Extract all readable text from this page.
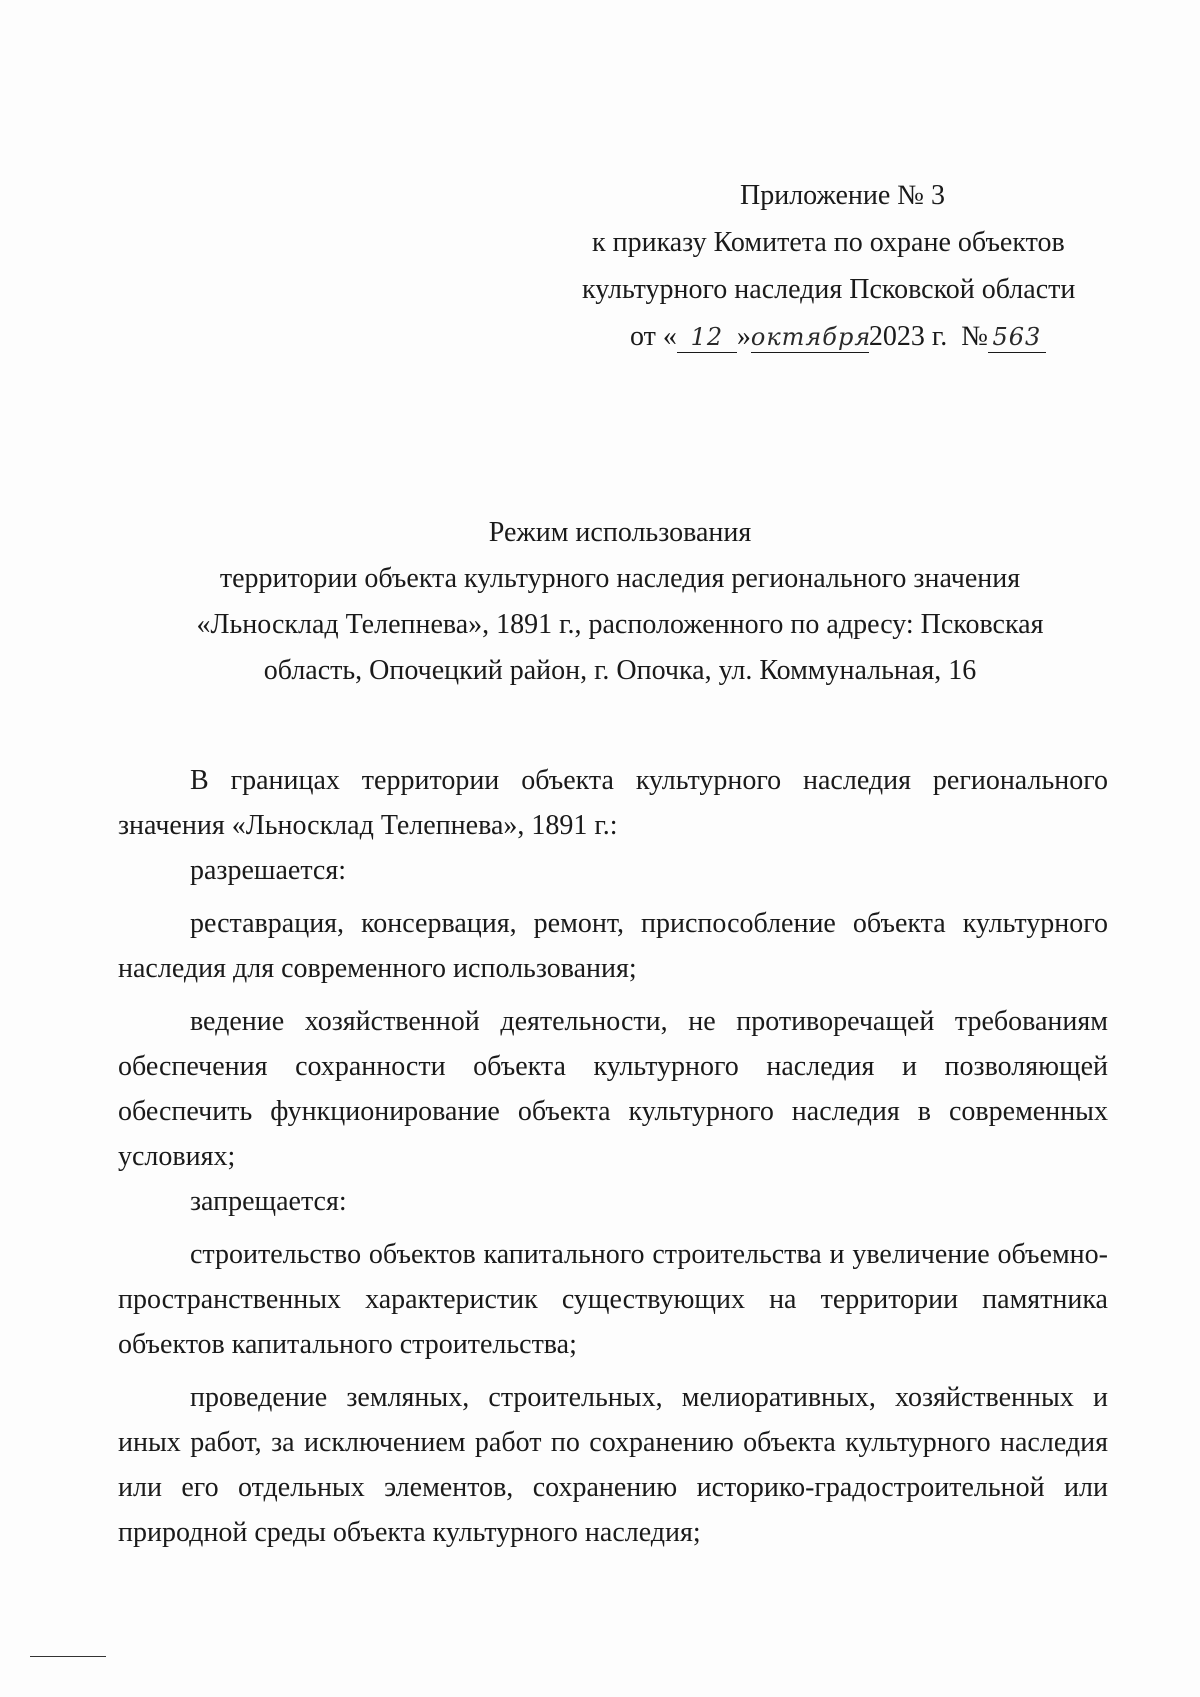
Приложение № 3
к приказу Комитета по охране объектов
культурного наследия Псковской области
от « 12 »октября2023 г. № 563
Режим использования
территории объекта культурного наследия регионального значения
«Льносклад Телепнева», 1891 г., расположенного по адресу: Псковская
область, Опочецкий район, г. Опочка, ул. Коммунальная, 16

В границах территории объекта культурного наследия регионального значения «Льносклад Телепнева», 1891 г.:

разрешается:

реставрация, консервация, ремонт, приспособление объекта культурного наследия для современного использования;

ведение хозяйственной деятельности, не противоречащей требованиям обеспечения сохранности объекта культурного наследия и позволяющей обеспечить функционирование объекта культурного наследия в современных условиях;

запрещается:

строительство объектов капитального строительства и увеличение объемно-пространственных характеристик существующих на территории памятника объектов капитального строительства;

проведение земляных, строительных, мелиоративных, хозяйственных и иных работ, за исключением работ по сохранению объекта культурного наследия или его отдельных элементов, сохранению историко-градостроительной или природной среды объекта культурного наследия;
